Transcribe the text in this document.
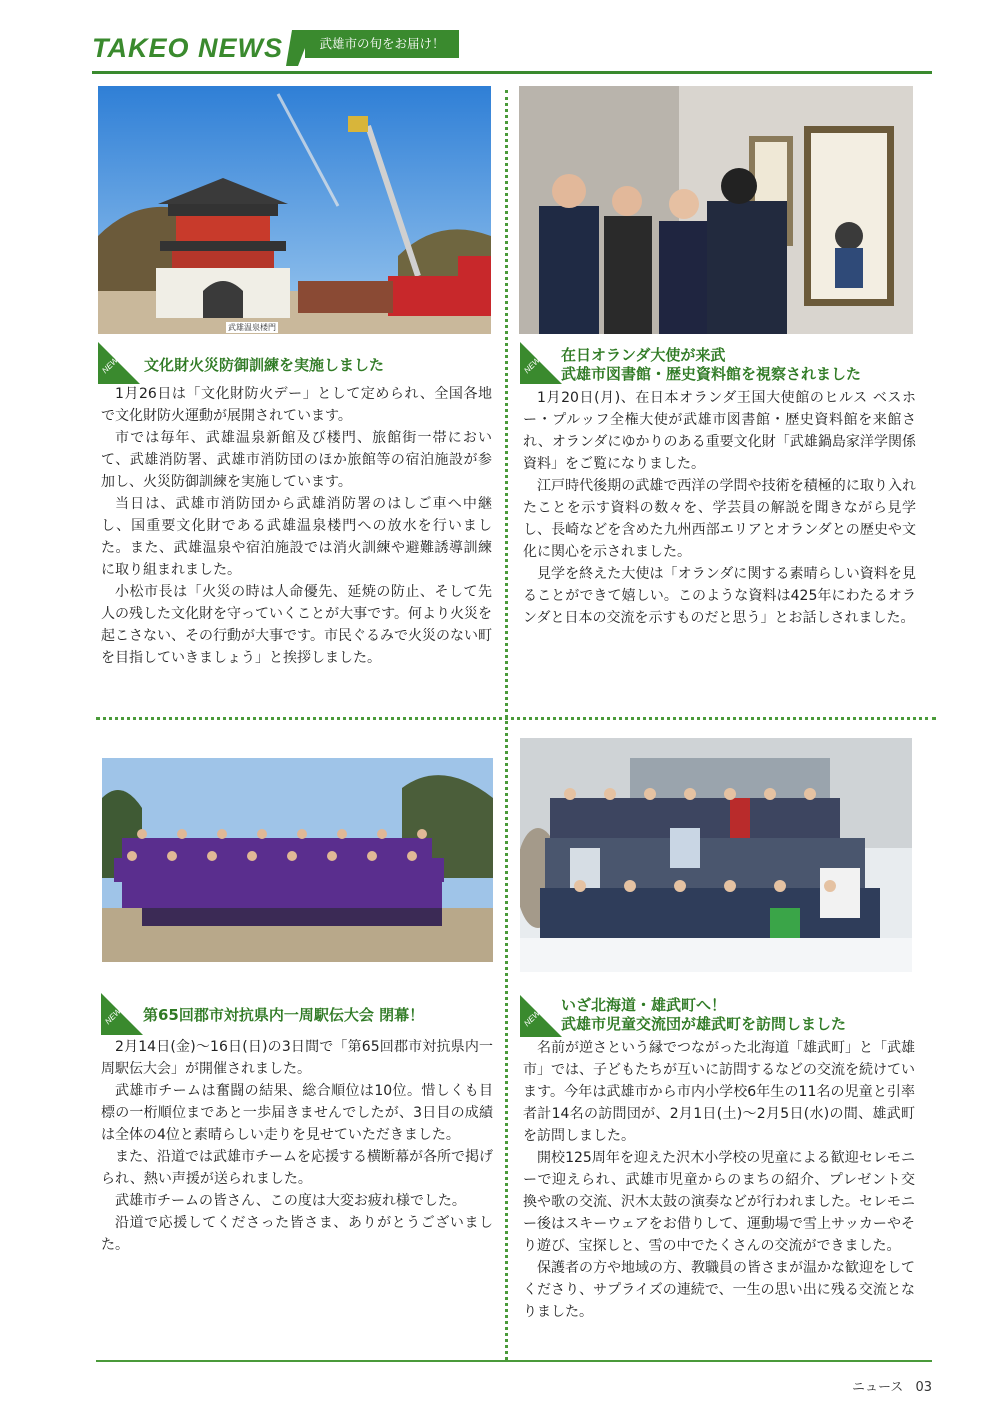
TAKEO NEWS	武雄市の旬をお届け！
武雄温泉楼門
NEWS 文化財火災防御訓練を実施しました

1月26日は「文化財防火デー」として定められ、全国各地で文化財防火運動が展開されています。

市では毎年、武雄温泉新館及び楼門、旅館街一帯において、武雄消防署、武雄市消防団のほか旅館等の宿泊施設が参加し、火災防御訓練を実施しています。

当日は、武雄市消防団から武雄消防署のはしご車へ中継し、国重要文化財である武雄温泉楼門への放水を行いました。また、武雄温泉や宿泊施設では消火訓練や避難誘導訓練に取り組まれました。

小松市長は「火災の時は人命優先、延焼の防止、そして先人の残した文化財を守っていくことが大事です。何より火災を起こさない、その行動が大事です。市民ぐるみで火災のない町を目指していきましょう」と挨拶しました。

NEWS 在日オランダ大使が来武
武雄市図書館・歴史資料館を視察されました

1月20日(月)、在日本オランダ王国大使館のヒルス ベスホー・プルッフ全権大使が武雄市図書館・歴史資料館を来館され、オランダにゆかりのある重要文化財「武雄鍋島家洋学関係資料」をご覧になりました。

江戸時代後期の武雄で西洋の学問や技術を積極的に取り入れたことを示す資料の数々を、学芸員の解説を聞きながら見学し、長崎などを含めた九州西部エリアとオランダとの歴史や文化に関心を示されました。

見学を終えた大使は「オランダに関する素晴らしい資料を見ることができて嬉しい。このような資料は425年にわたるオランダと日本の交流を示すものだと思う」とお話しされました。

NEWS 第65回郡市対抗県内一周駅伝大会 閉幕！

2月14日(金)～16日(日)の3日間で「第65回郡市対抗県内一周駅伝大会」が開催されました。

武雄市チームは奮闘の結果、総合順位は10位。惜しくも目標の一桁順位まであと一歩届きませんでしたが、3日目の成績は全体の4位と素晴らしい走りを見せていただきました。

また、沿道では武雄市チームを応援する横断幕が各所で掲げられ、熱い声援が送られました。

武雄市チームの皆さん、この度は大変お疲れ様でした。

沿道で応援してくださった皆さま、ありがとうございました。

NEWS いざ北海道・雄武町へ！
武雄市児童交流団が雄武町を訪問しました

名前が逆さという縁でつながった北海道「雄武町」と「武雄市」では、子どもたちが互いに訪問するなどの交流を続けています。今年は武雄市から市内小学校6年生の11名の児童と引率者計14名の訪問団が、2月1日(土)～2月5日(水)の間、雄武町を訪問しました。

開校125周年を迎えた沢木小学校の児童による歓迎セレモニーで迎えられ、武雄市児童からのまちの紹介、プレゼント交換や歌の交流、沢木太鼓の演奏などが行われました。セレモニー後はスキーウェアをお借りして、運動場で雪上サッカーやそり遊び、宝探しと、雪の中でたくさんの交流ができました。

保護者の方や地域の方、教職員の皆さまが温かな歓迎をしてくださり、サプライズの連続で、一生の思い出に残る交流となりました。

ニュース 03
